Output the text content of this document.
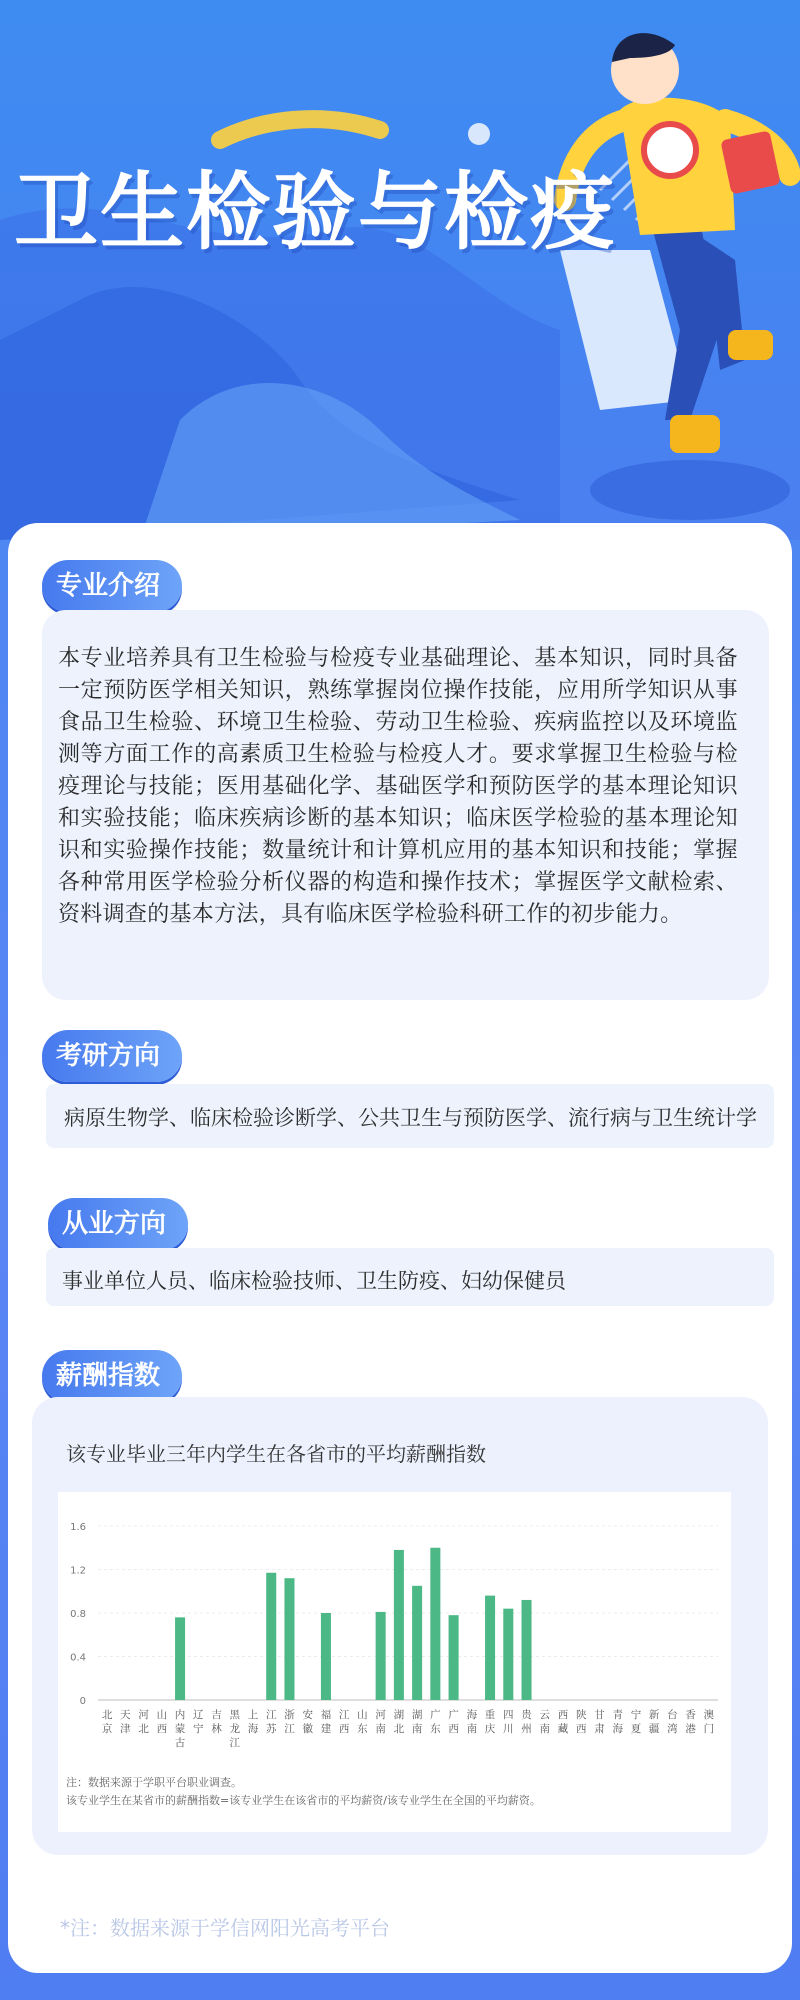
卫生检验与检疫
专业介绍
本专业培养具有卫生检验与检疫专业基础理论、基本知识，同时具备一定预防医学相关知识，熟练掌握岗位操作技能，应用所学知识从事食品卫生检验、环境卫生检验、劳动卫生检验、疾病监控以及环境监测等方面工作的高素质卫生检验与检疫人才。要求掌握卫生检验与检疫理论与技能；医用基础化学、基础医学和预防医学的基本理论知识和实验技能；临床疾病诊断的基本知识；临床医学检验的基本理论知识和实验操作技能；数量统计和计算机应用的基本知识和技能；掌握各种常用医学检验分析仪器的构造和操作技术；掌握医学文献检索、资料调查的基本方法，具有临床医学检验科研工作的初步能力。
考研方向
病原生物学、临床检验诊断学、公共卫生与预防医学、流行病与卫生统计学
从业方向
事业单位人员、临床检验技师、卫生防疫、妇幼保健员
薪酬指数
该专业毕业三年内学生在各省市的平均薪酬指数
0
0.4
0.8
1.2
1.6
北京
天津
河北
山西
内蒙古
辽宁
吉林
黑龙江
上海
江苏
浙江
安徽
福建
江西
山东
河南
湖北
湖南
广东
广西
海南
重庆
四川
贵州
云南
西藏
陕西
甘肃
青海
宁夏
新疆
台湾
香港
澳门
注：数据来源于学职平台职业调查。
该专业学生在某省市的薪酬指数=该专业学生在该省市的平均薪资/该专业学生在全国的平均薪资。
*注：数据来源于学信网阳光高考平台
